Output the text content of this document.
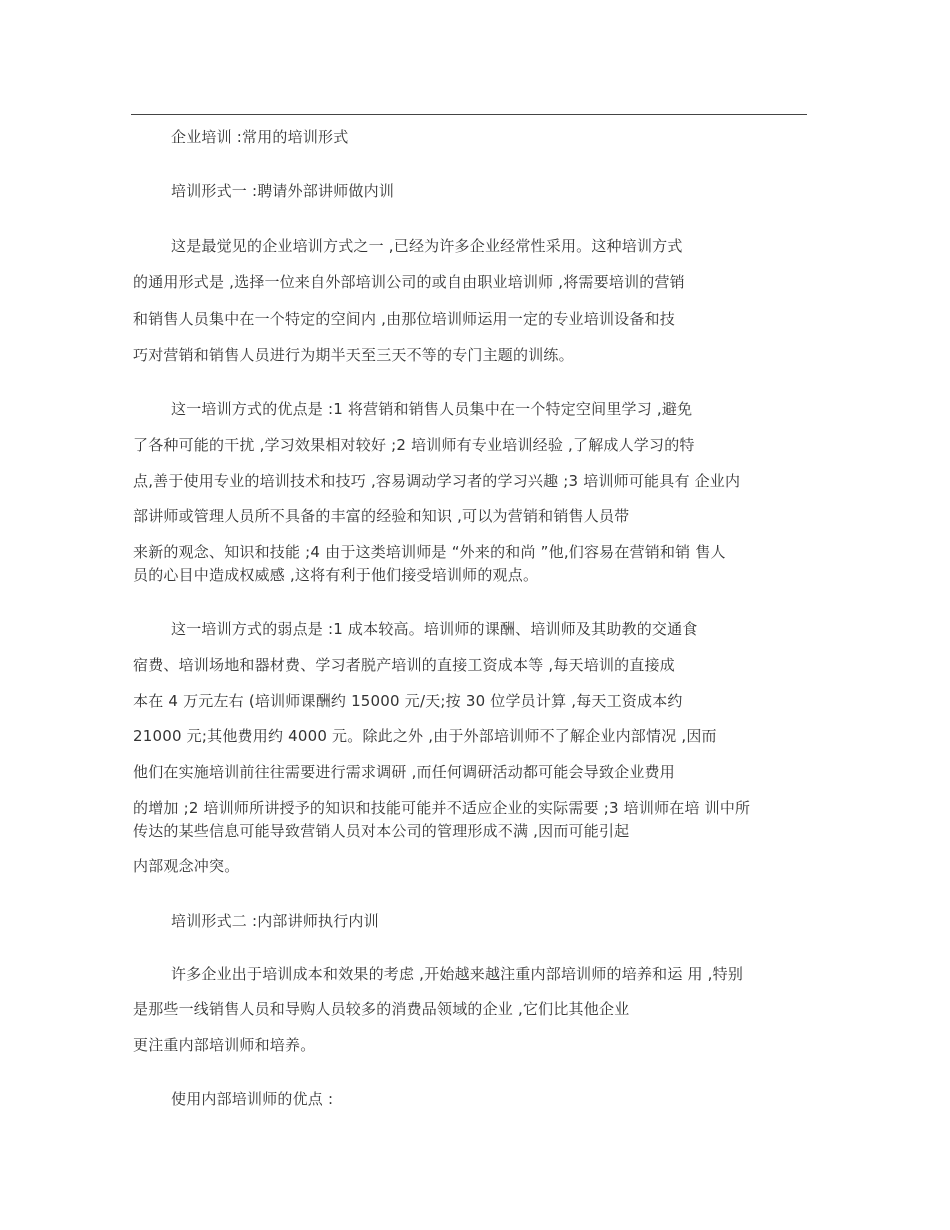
企业培训 :常用的培训形式
培训形式一 :聘请外部讲师做内训
这是最觉见的企业培训方式之一 ,已经为许多企业经常性采用。这种培训方式
的通用形式是 ,选择一位来自外部培训公司的或自由职业培训师 ,将需要培训的营销
和销售人员集中在一个特定的空间内 ,由那位培训师运用一定的专业培训设备和技
巧对营销和销售人员进行为期半天至三天不等的专门主题的训练。
这一培训方式的优点是 :1 将营销和销售人员集中在一个特定空间里学习 ,避免
了各种可能的干扰 ,学习效果相对较好 ;2 培训师有专业培训经验 ,了解成人学习的特
点,善于使用专业的培训技术和技巧 ,容易调动学习者的学习兴趣 ;3 培训师可能具有 企业内
部讲师或管理人员所不具备的丰富的经验和知识 ,可以为营销和销售人员带
来新的观念、知识和技能 ;4 由于这类培训师是 “外来的和尚 ”他,们容易在营销和销 售人
员的心目中造成权威感 ,这将有利于他们接受培训师的观点。
这一培训方式的弱点是 :1 成本较高。培训师的课酬、培训师及其助教的交通食
宿费、培训场地和器材费、学习者脱产培训的直接工资成本等 ,每天培训的直接成
本在 4 万元左右 (培训师课酬约 15000 元/天;按 30 位学员计算 ,每天工资成本约
21000 元;其他费用约 4000 元。除此之外 ,由于外部培训师不了解企业内部情况 ,因而
他们在实施培训前往往需要进行需求调研 ,而任何调研活动都可能会导致企业费用
的增加 ;2 培训师所讲授予的知识和技能可能并不适应企业的实际需要 ;3 培训师在培 训中所
传达的某些信息可能导致营销人员对本公司的管理形成不满 ,因而可能引起
内部观念冲突。
培训形式二 :内部讲师执行内训
许多企业出于培训成本和效果的考虑 ,开始越来越注重内部培训师的培养和运 用 ,特别
是那些一线销售人员和导购人员较多的消费品领域的企业 ,它们比其他企业
更注重内部培训师和培养。
使用内部培训师的优点 :
